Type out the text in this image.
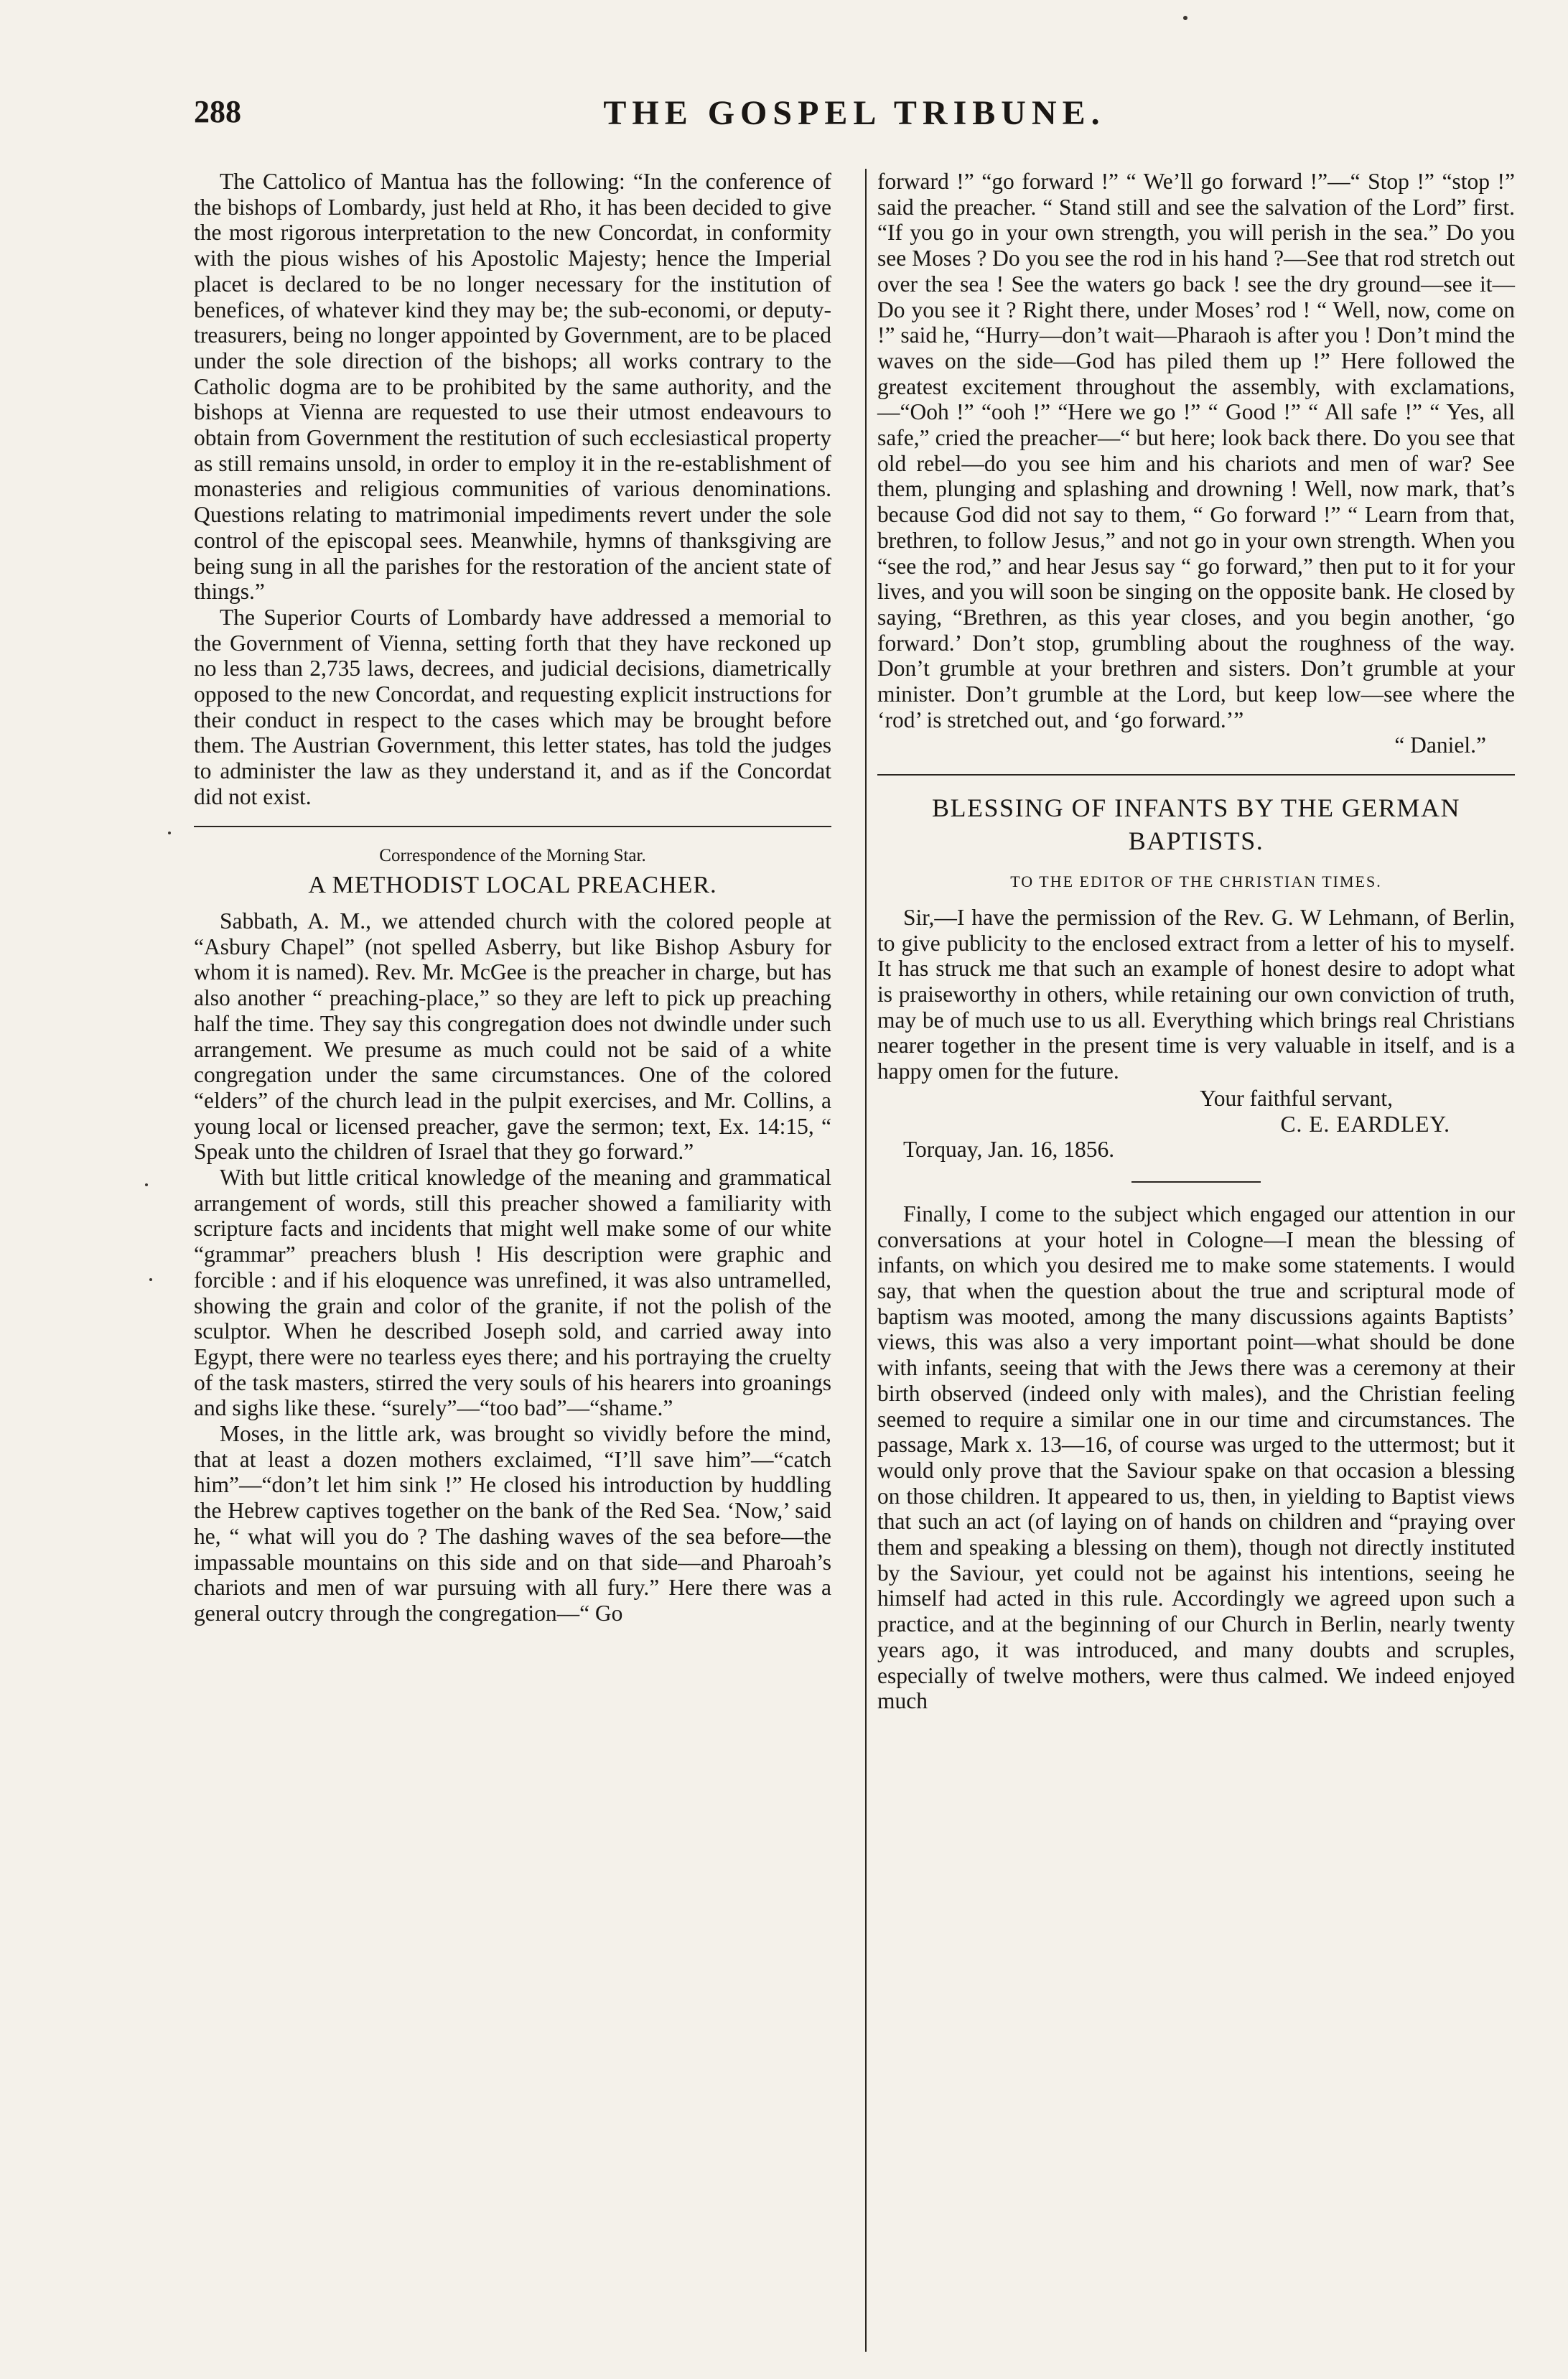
288	THE GOSPEL TRIBUNE.

The Cattolico of Mantua has the following: “In the conference of the bishops of Lombardy, just held at Rho, it has been decided to give the most rigorous interpretation to the new Concordat, in conformity with the pious wishes of his Apostolic Majesty; hence the Imperial placet is declared to be no longer necessary for the institution of benefices, of whatever kind they may be; the sub-economi, or deputy-treasurers, being no longer appointed by Government, are to be placed under the sole direction of the bishops; all works contrary to the Catholic dogma are to be prohibited by the same authority, and the bishops at Vienna are requested to use their utmost endeavours to obtain from Government the restitution of such ecclesiastical property as still remains unsold, in order to employ it in the re-establishment of monasteries and religious communities of various denominations. Questions relating to matrimonial impediments revert under the sole control of the episcopal sees. Meanwhile, hymns of thanksgiving are being sung in all the parishes for the restoration of the ancient state of things.”

The Superior Courts of Lombardy have addressed a memorial to the Government of Vienna, setting forth that they have reckoned up no less than 2,735 laws, decrees, and judicial decisions, diametrically opposed to the new Concordat, and requesting explicit instructions for their conduct in respect to the cases which may be brought before them. The Austrian Government, this letter states, has told the judges to administer the law as they understand it, and as if the Concordat did not exist.

Correspondence of the Morning Star.
A METHODIST LOCAL PREACHER.

Sabbath, A. M., we attended church with the colored people at “Asbury Chapel” (not spelled Asberry, but like Bishop Asbury for whom it is named). Rev. Mr. McGee is the preacher in charge, but has also another “ preaching-place,” so they are left to pick up preaching half the time. They say this congregation does not dwindle under such arrangement. We presume as much could not be said of a white congregation under the same circumstances. One of the colored “elders” of the church lead in the pulpit exercises, and Mr. Collins, a young local or licensed preacher, gave the sermon; text, Ex. 14:15, “ Speak unto the children of Israel that they go forward.”

With but little critical knowledge of the meaning and grammatical arrangement of words, still this preacher showed a familiarity with scripture facts and incidents that might well make some of our white “grammar” preachers blush ! His description were graphic and forcible : and if his eloquence was unrefined, it was also untramelled, showing the grain and color of the granite, if not the polish of the sculptor. When he described Joseph sold, and carried away into Egypt, there were no tearless eyes there; and his portraying the cruelty of the task masters, stirred the very souls of his hearers into groanings and sighs like these. “surely”—“too bad”—“shame.”

Moses, in the little ark, was brought so vividly before the mind, that at least a dozen mothers exclaimed, “I’ll save him”—“catch him”—“don’t let him sink !” He closed his introduction by huddling the Hebrew captives together on the bank of the Red Sea. ‘Now,’ said he, “ what will you do ? The dashing waves of the sea before—the impassable mountains on this side and on that side—and Pharoah’s chariots and men of war pursuing with all fury.” Here there was a general outcry through the congregation—“ Go

forward !” “go forward !” “ We’ll go forward !”—“ Stop !” “stop !” said the preacher. “ Stand still and see the salvation of the Lord” first. “If you go in your own strength, you will perish in the sea.” Do you see Moses ? Do you see the rod in his hand ?—See that rod stretch out over the sea ! See the waters go back ! see the dry ground—see it—Do you see it ? Right there, under Moses’ rod ! “ Well, now, come on !” said he, “Hurry—don’t wait—Pharaoh is after you ! Don’t mind the waves on the side—God has piled them up !” Here followed the greatest excitement throughout the assembly, with exclamations,—“Ooh !” “ooh !” “Here we go !” “ Good !” “ All safe !” “ Yes, all safe,” cried the preacher—“ but here; look back there. Do you see that old rebel—do you see him and his chariots and men of war? See them, plunging and splashing and drowning ! Well, now mark, that’s because God did not say to them, “ Go forward !” “ Learn from that, brethren, to follow Jesus,” and not go in your own strength. When you “see the rod,” and hear Jesus say “ go forward,” then put to it for your lives, and you will soon be singing on the opposite bank. He closed by saying, “Brethren, as this year closes, and you begin another, ‘go forward.’ Don’t stop, grumbling about the roughness of the way. Don’t grumble at your brethren and sisters. Don’t grumble at your minister. Don’t grumble at the Lord, but keep low—see where the ‘rod’ is stretched out, and ‘go forward.’”

“ Daniel.”
BLESSING OF INFANTS BY THE GERMAN BAPTISTS.
TO THE EDITOR OF THE CHRISTIAN TIMES.

Sir,—I have the permission of the Rev. G. W Lehmann, of Berlin, to give publicity to the enclosed extract from a letter of his to myself. It has struck me that such an example of honest desire to adopt what is praiseworthy in others, while retaining our own conviction of truth, may be of much use to us all. Everything which brings real Christians nearer together in the present time is very valuable in itself, and is a happy omen for the future.

Your faithful servant,
C. E. EARDLEY.

Torquay, Jan. 16, 1856.

Finally, I come to the subject which engaged our attention in our conversations at your hotel in Cologne—I mean the blessing of infants, on which you desired me to make some statements. I would say, that when the question about the true and scriptural mode of baptism was mooted, among the many discussions againts Baptists’ views, this was also a very important point—what should be done with infants, seeing that with the Jews there was a ceremony at their birth observed (indeed only with males), and the Christian feeling seemed to require a similar one in our time and circumstances. The passage, Mark x. 13—16, of course was urged to the uttermost; but it would only prove that the Saviour spake on that occasion a blessing on those children. It appeared to us, then, in yielding to Baptist views that such an act (of laying on of hands on children and “praying over them and speaking a blessing on them), though not directly instituted by the Saviour, yet could not be against his intentions, seeing he himself had acted in this rule. Accordingly we agreed upon such a practice, and at the beginning of our Church in Berlin, nearly twenty years ago, it was introduced, and many doubts and scruples, especially of twelve mothers, were thus calmed. We indeed enjoyed much
